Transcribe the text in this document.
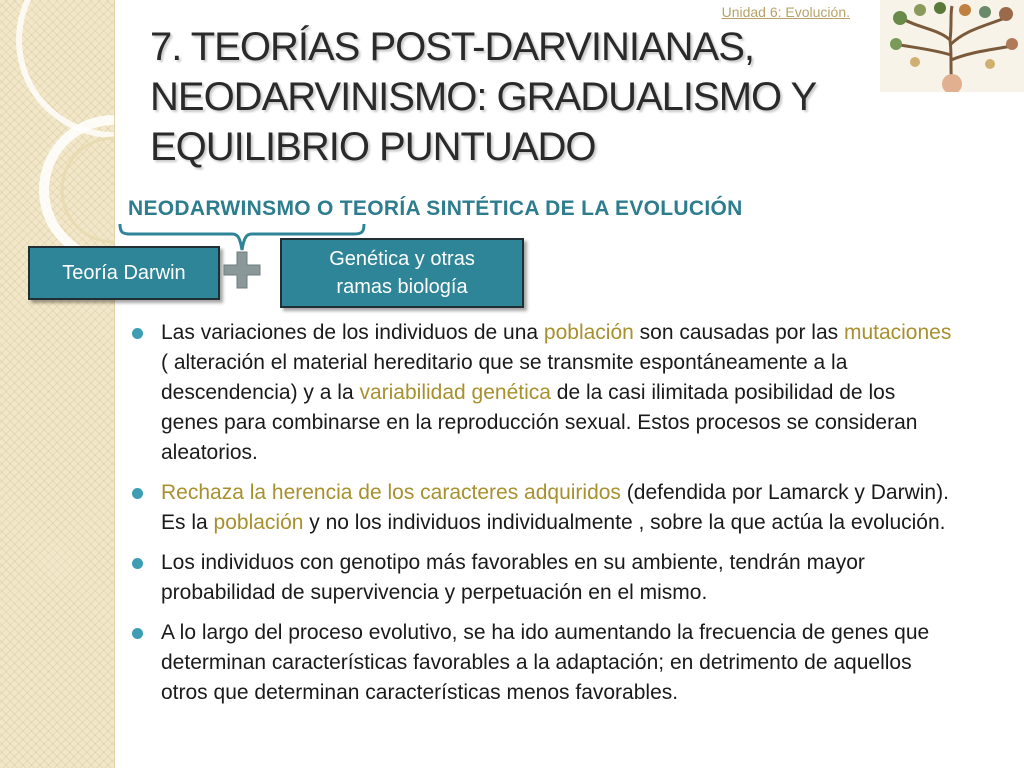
Unidad 6: Evolución.
7. TEORÍAS POST-DARVINIANAS,
NEODARVINISMO: GRADUALISMO Y
EQUILIBRIO PUNTUADO
NEODARWINSMO O TEORÍA SINTÉTICA DE LA EVOLUCIÓN
Teoría Darwin
Genética y otras ramas biología
Las variaciones de los individuos de una población son causadas por las mutaciones ( alteración el material hereditario que se transmite espontáneamente a la descendencia) y a la variabilidad genética de la casi ilimitada posibilidad de los genes para combinarse en la reproducción sexual. Estos procesos se consideran aleatorios.
Rechaza la herencia de los caracteres adquiridos (defendida por Lamarck y Darwin). Es la población y no los individuos individualmente , sobre la que actúa la evolución.
Los individuos con genotipo más favorables en su ambiente, tendrán mayor probabilidad de supervivencia y perpetuación en el mismo.
A lo largo del proceso evolutivo, se ha ido aumentando la frecuencia de genes que determinan características favorables a la adaptación; en detrimento de aquellos otros que determinan características menos favorables.
